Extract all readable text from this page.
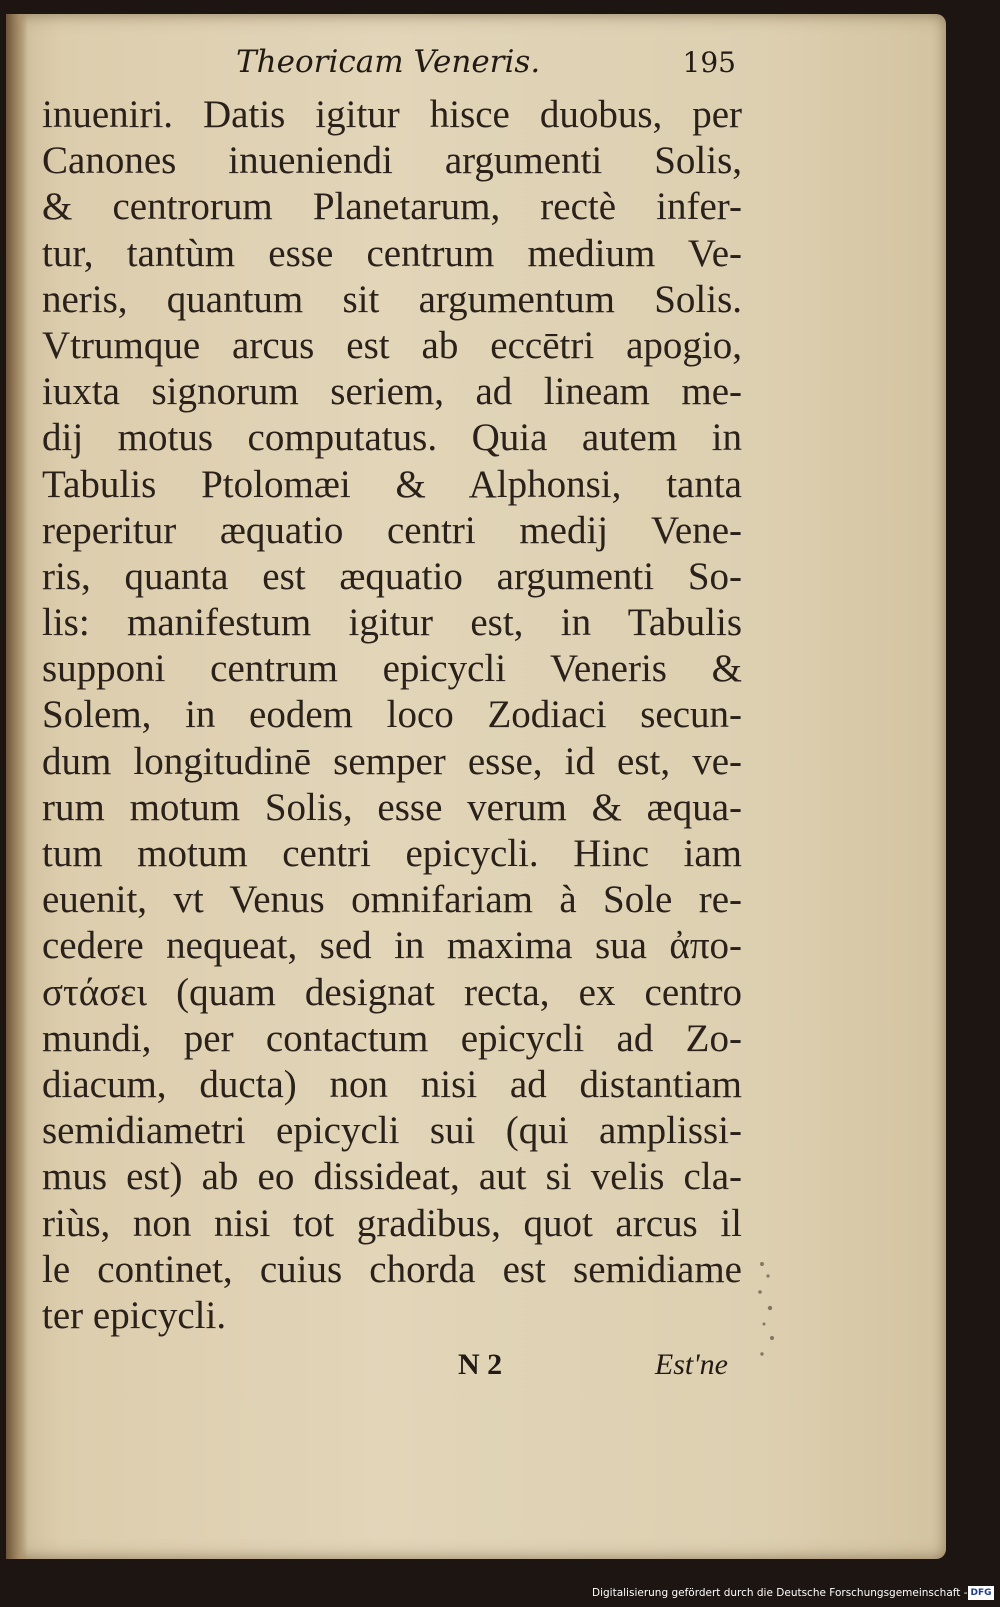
Theoricam Veneris.	195
inueniri. Datis igitur hisce duobus, per
Canones inueniendi argumenti Solis,
& centrorum Planetarum, rectè infer-
tur, tantùm esse centrum medium Ve-
neris, quantum sit argumentum Solis.
Vtrumque arcus est ab eccētri apogio,
iuxta signorum seriem, ad lineam me-
dij motus computatus. Quia autem in
Tabulis Ptolomæi & Alphonsi, tanta
reperitur æquatio centri medij Vene-
ris, quanta est æquatio argumenti So-
lis: manifestum igitur est, in Tabulis
supponi centrum epicycli Veneris &
Solem, in eodem loco Zodiaci secun-
dum longitudinē semper esse, id est, ve-
rum motum Solis, esse verum & æqua-
tum motum centri epicycli. Hinc iam
euenit, vt Venus omnifariam à Sole re-
cedere nequeat, sed in maxima sua ἀπο-
στάσει (quam designat recta, ex centro
mundi, per contactum epicycli ad Zo-
diacum, ducta) non nisi ad distantiam
semidiametri epicycli sui (qui amplissi-
mus est) ab eo dissideat, aut si velis cla-
riùs, non nisi tot gradibus, quot arcus il
le continet, cuius chorda est semidiame
ter epicycli.
N 2	Est'ne
Digitalisierung gefördert durch die Deutsche Forschungsgemeinschaft - DFG
